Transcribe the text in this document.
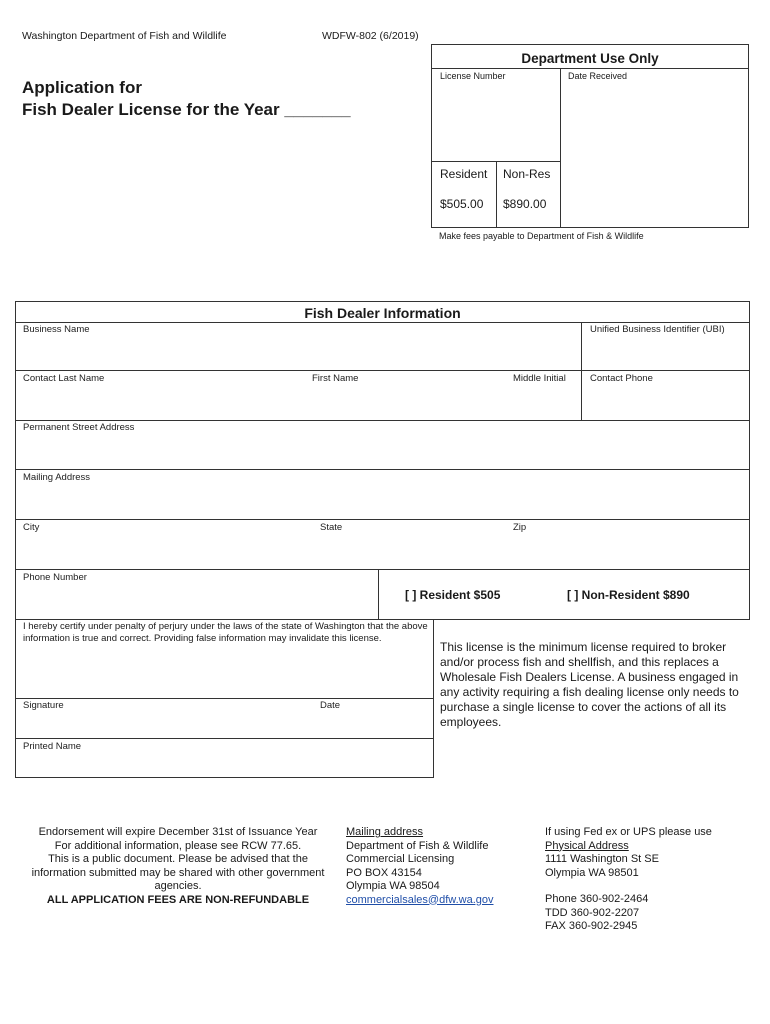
Washington Department of Fish and Wildlife	WDFW-802 (6/2019)
Application for
Fish Dealer License for the Year _______
Department Use Only
License Number	Date Received
Resident Non-Res
$505.00 $890.00
Make fees payable to Department of Fish & Wildlife
Fish Dealer Information
Business Name	Unified Business Identifier (UBI)
Contact Last Name	First Name	Middle Initial	Contact Phone
Permanent Street Address
Mailing Address
City	State	Zip
Phone Number
[ ] Resident $505	[ ] Non-Resident $890
I hereby certify under penalty of perjury under the laws of the state of Washington that the above information is true and correct. Providing false information may invalidate this license.
Signature	Date
Printed Name
This license is the minimum license required to broker and/or process fish and shellfish, and this replaces a Wholesale Fish Dealers License. A business engaged in any activity requiring a fish dealing license only needs to purchase a single license to cover the actions of all its employees.
Endorsement will expire December 31st of Issuance Year
For additional information, please see RCW 77.65.
This is a public document. Please be advised that the
information submitted may be shared with other government
agencies.
ALL APPLICATION FEES ARE NON-REFUNDABLE
Mailing address
Department of Fish & Wildlife
Commercial Licensing
PO BOX 43154
Olympia WA 98504
commercialsales@dfw.wa.gov
If using Fed ex or UPS please use
Physical Address
1111 Washington St SE
Olympia WA 98501
Phone 360-902-2464
TDD 360-902-2207
FAX 360-902-2945
